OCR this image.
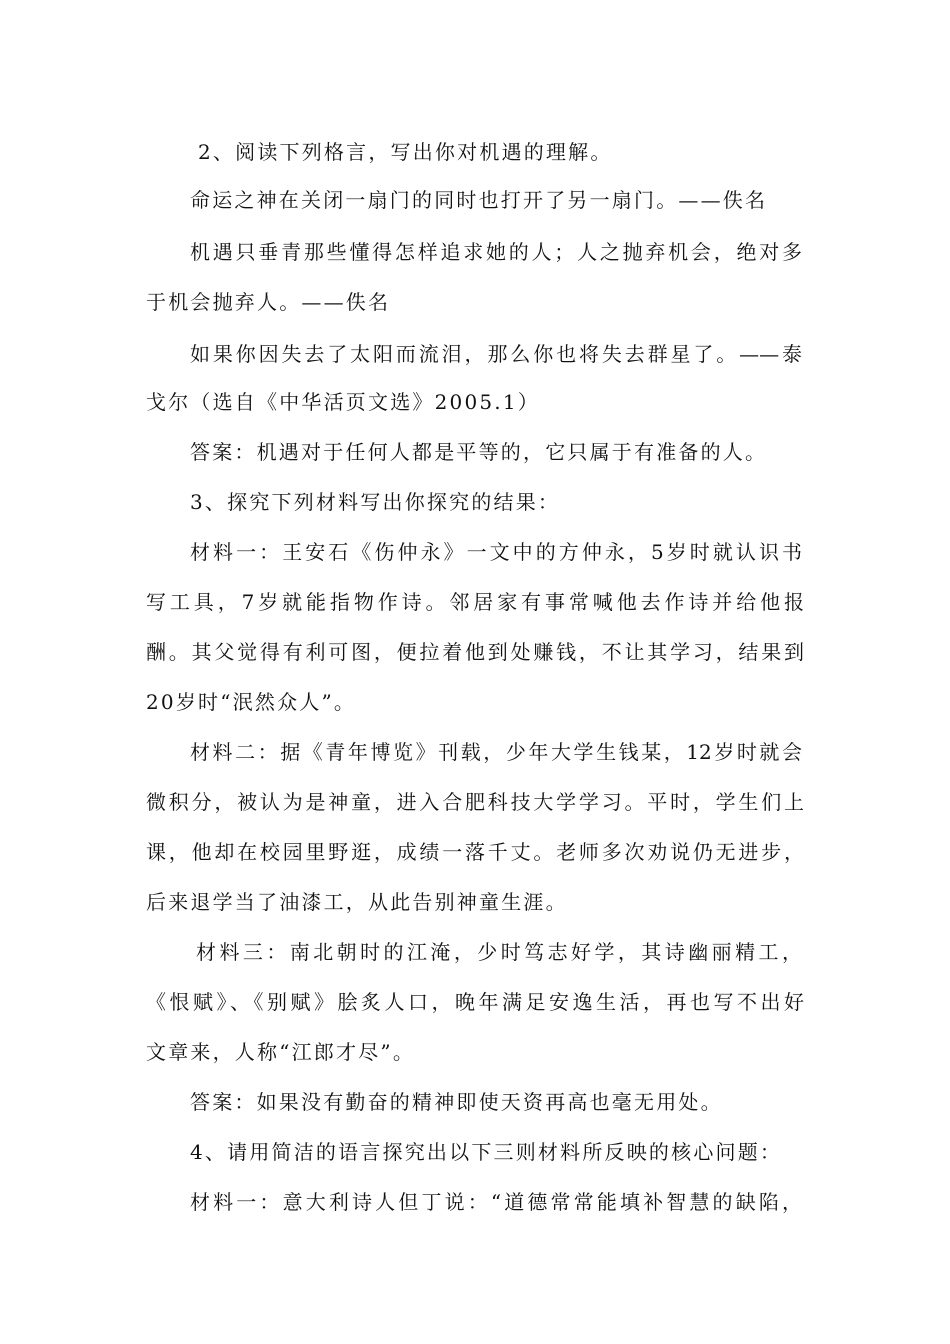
2、阅读下列格言，写出你对机遇的理解。
命运之神在关闭一扇门的同时也打开了另一扇门。——佚名
机遇只垂青那些懂得怎样追求她的人；人之抛弃机会，绝对多
于机会抛弃人。——佚名
如果你因失去了太阳而流泪，那么你也将失去群星了。——泰
戈尔（选自《中华活页文选》2005.1）
答案：机遇对于任何人都是平等的，它只属于有准备的人。
3、探究下列材料写出你探究的结果：
材料一：王安石《伤仲永》一文中的方仲永，5岁时就认识书
写工具，7岁就能指物作诗。邻居家有事常喊他去作诗并给他报
酬。其父觉得有利可图，便拉着他到处赚钱，不让其学习，结果到
20岁时“泯然众人”。
材料二：据《青年博览》刊载，少年大学生钱某，12岁时就会
微积分，被认为是神童，进入合肥科技大学学习。平时，学生们上
课，他却在校园里野逛，成绩一落千丈。老师多次劝说仍无进步，
后来退学当了油漆工，从此告别神童生涯。
材料三：南北朝时的江淹，少时笃志好学，其诗幽丽精工，
《恨赋》、《别赋》脍炙人口，晚年满足安逸生活，再也写不出好
文章来，人称“江郎才尽”。
答案：如果没有勤奋的精神即使天资再高也毫无用处。
4、请用简洁的语言探究出以下三则材料所反映的核心问题：
材料一：意大利诗人但丁说：“道德常常能填补智慧的缺陷，
